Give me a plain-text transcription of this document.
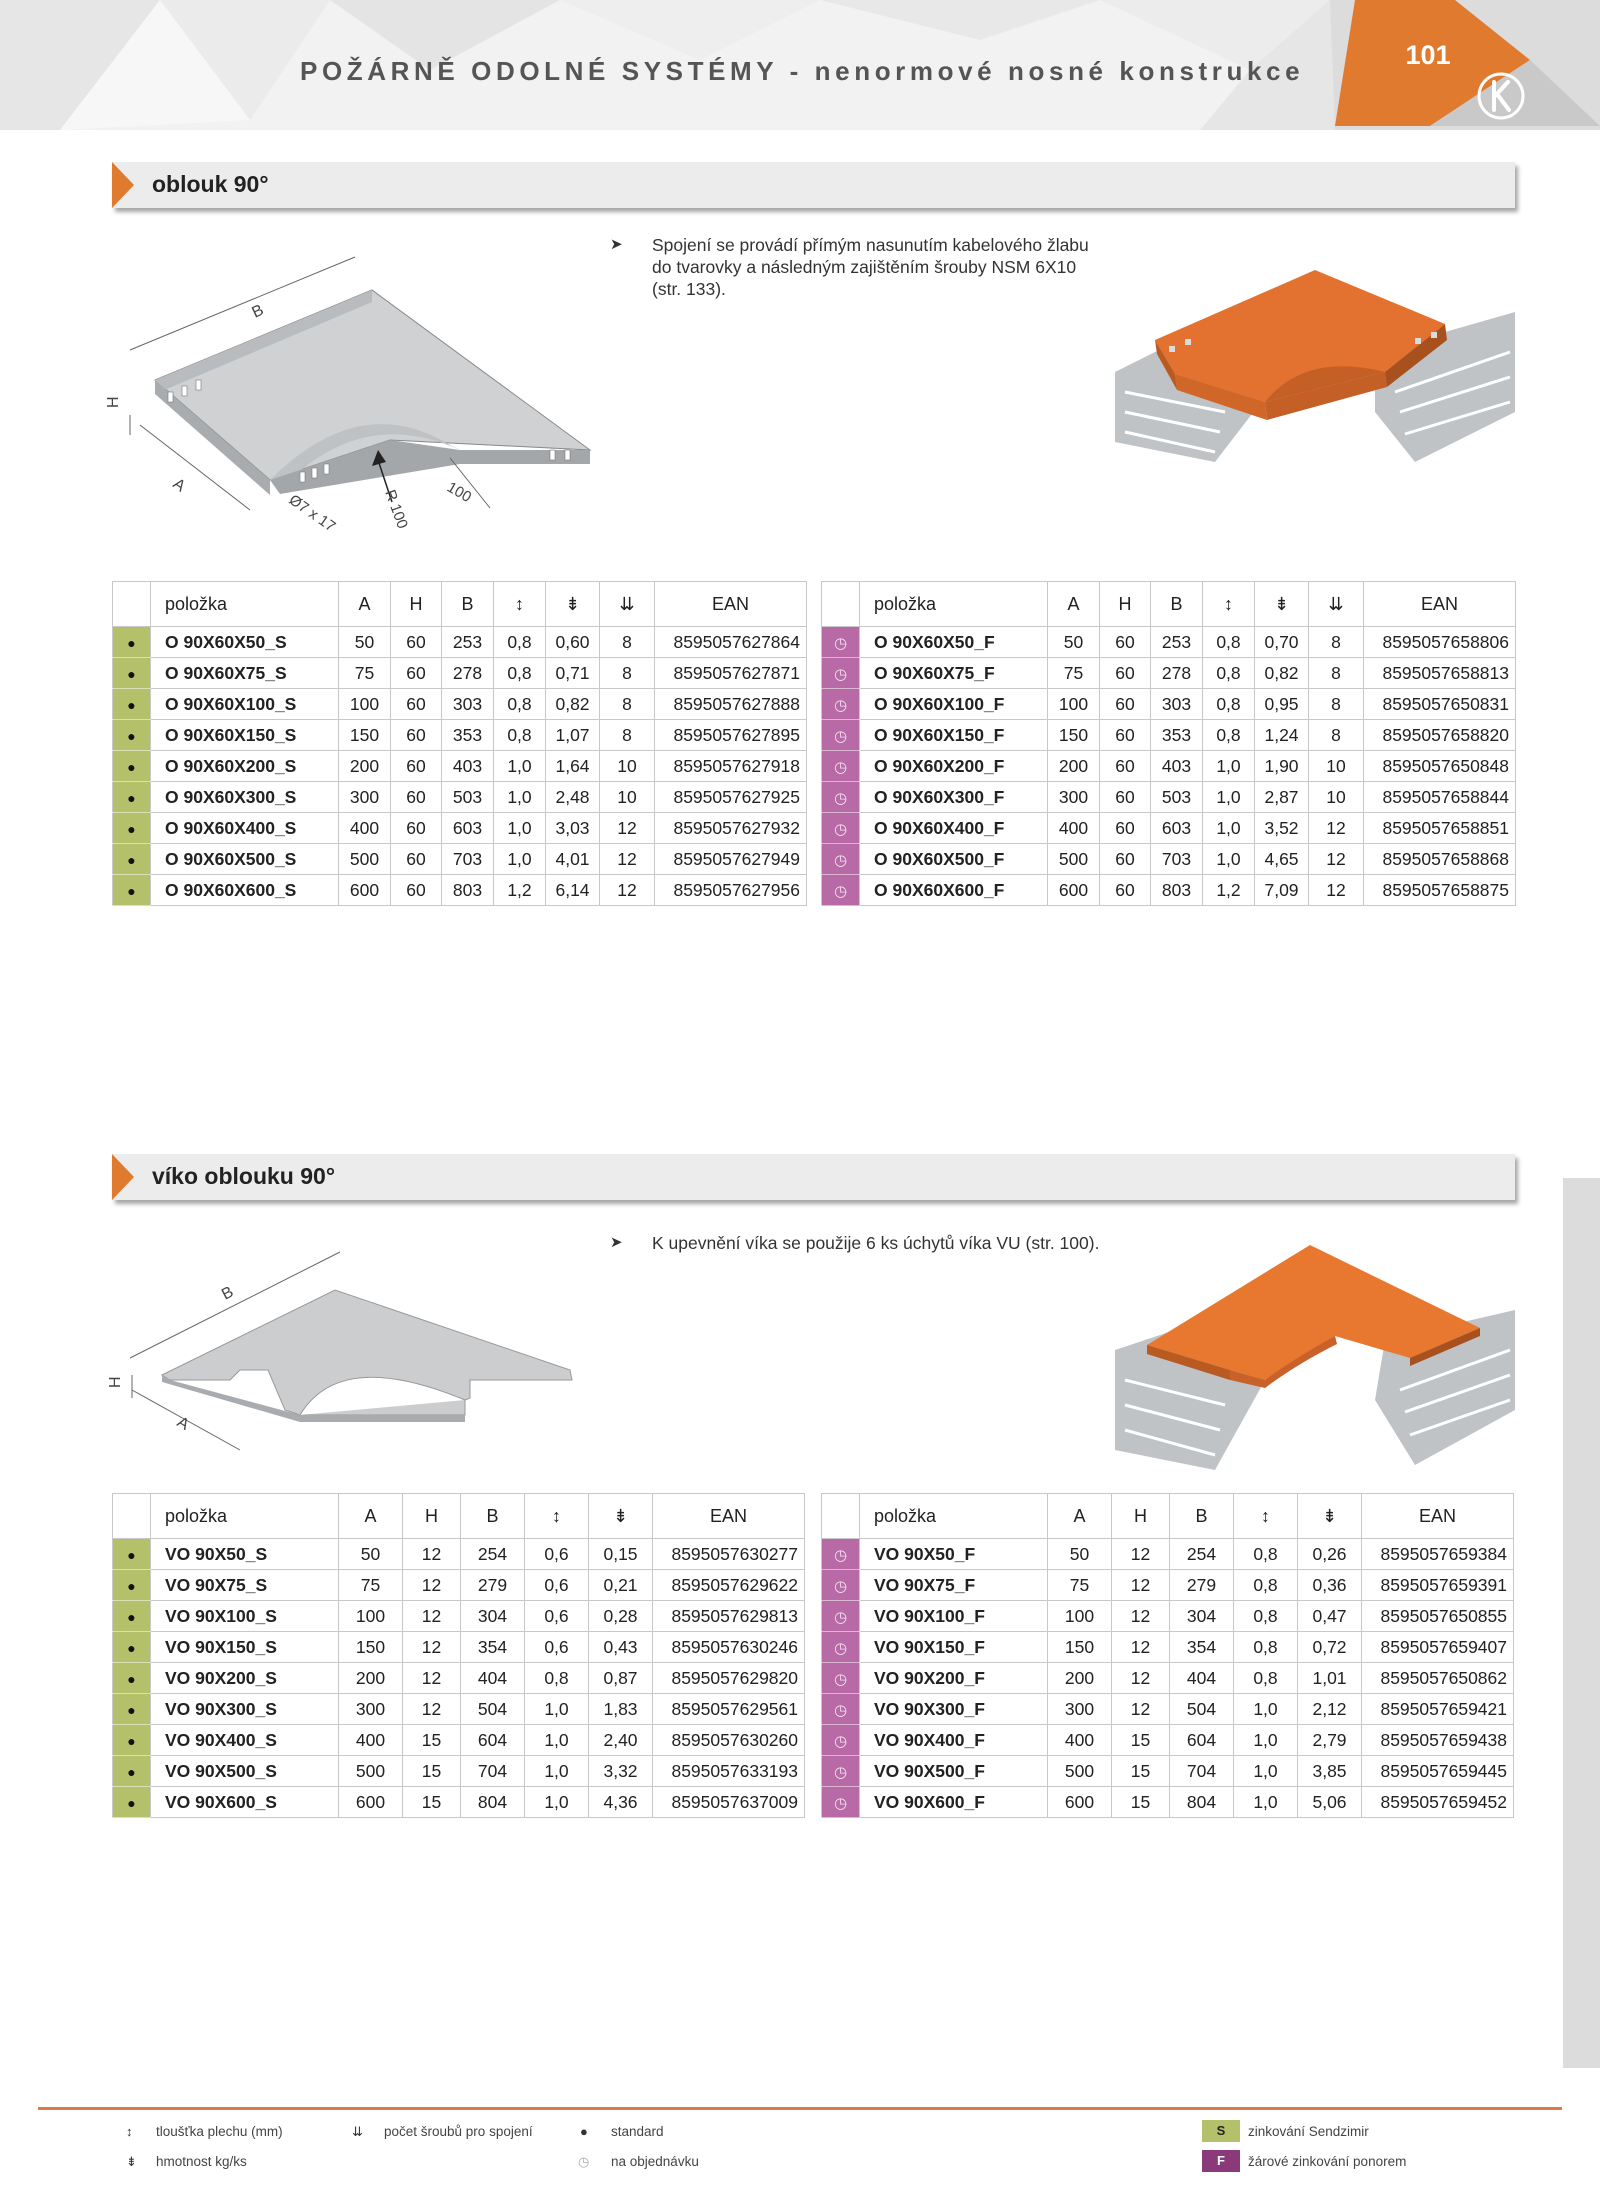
POŽÁRNĚ ODOLNÉ SYSTÉMY - nenormové nosné konstrukce
101
oblouk 90°
B
H
A
Ø7 x 17	R 100 100
➤ Spojení se provádí přímým nasunutím kabelového žlabu do tvarovky a následným zajištěním šrouby NSM 6X10 (str. 133).
	položka	A	H	B	↕	⇟	⇊	EAN
●	O 90X60X50_S	50	60	253	0,8	0,60	8	8595057627864
●	O 90X60X75_S	75	60	278	0,8	0,71	8	8595057627871
●	O 90X60X100_S	100	60	303	0,8	0,82	8	8595057627888
●	O 90X60X150_S	150	60	353	0,8	1,07	8	8595057627895
●	O 90X60X200_S	200	60	403	1,0	1,64	10	8595057627918
●	O 90X60X300_S	300	60	503	1,0	2,48	10	8595057627925
●	O 90X60X400_S	400	60	603	1,0	3,03	12	8595057627932
●	O 90X60X500_S	500	60	703	1,0	4,01	12	8595057627949
●	O 90X60X600_S	600	60	803	1,2	6,14	12	8595057627956
	položka	A	H	B	↕	⇟	⇊	EAN
◷	O 90X60X50_F	50	60	253	0,8	0,70	8	8595057658806
◷	O 90X60X75_F	75	60	278	0,8	0,82	8	8595057658813
◷	O 90X60X100_F	100	60	303	0,8	0,95	8	8595057650831
◷	O 90X60X150_F	150	60	353	0,8	1,24	8	8595057658820
◷	O 90X60X200_F	200	60	403	1,0	1,90	10	8595057650848
◷	O 90X60X300_F	300	60	503	1,0	2,87	10	8595057658844
◷	O 90X60X400_F	400	60	603	1,0	3,52	12	8595057658851
◷	O 90X60X500_F	500	60	703	1,0	4,65	12	8595057658868
◷	O 90X60X600_F	600	60	803	1,2	7,09	12	8595057658875
víko oblouku 90°
B
H
A
➤ K upevnění víka se použije 6 ks úchytů víka VU (str. 100).
	položka	A	H	B	↕	⇟	EAN
●	VO 90X50_S	50	12	254	0,6	0,15	8595057630277
●	VO 90X75_S	75	12	279	0,6	0,21	8595057629622
●	VO 90X100_S	100	12	304	0,6	0,28	8595057629813
●	VO 90X150_S	150	12	354	0,6	0,43	8595057630246
●	VO 90X200_S	200	12	404	0,8	0,87	8595057629820
●	VO 90X300_S	300	12	504	1,0	1,83	8595057629561
●	VO 90X400_S	400	15	604	1,0	2,40	8595057630260
●	VO 90X500_S	500	15	704	1,0	3,32	8595057633193
●	VO 90X600_S	600	15	804	1,0	4,36	8595057637009
	položka	A	H	B	↕	⇟	EAN
◷	VO 90X50_F	50	12	254	0,8	0,26	8595057659384
◷	VO 90X75_F	75	12	279	0,8	0,36	8595057659391
◷	VO 90X100_F	100	12	304	0,8	0,47	8595057650855
◷	VO 90X150_F	150	12	354	0,8	0,72	8595057659407
◷	VO 90X200_F	200	12	404	0,8	1,01	8595057650862
◷	VO 90X300_F	300	12	504	1,0	2,12	8595057659421
◷	VO 90X400_F	400	15	604	1,0	2,79	8595057659438
◷	VO 90X500_F	500	15	704	1,0	3,85	8595057659445
◷	VO 90X600_F	600	15	804	1,0	5,06	8595057659452
↕ tloušťka plechu (mm)	⇊ počet šroubů pro spojení	● standard
⇟ hmotnost kg/ks	◷ na objednávku
S	zinkování Sendzimir
F	žárové zinkování ponorem
